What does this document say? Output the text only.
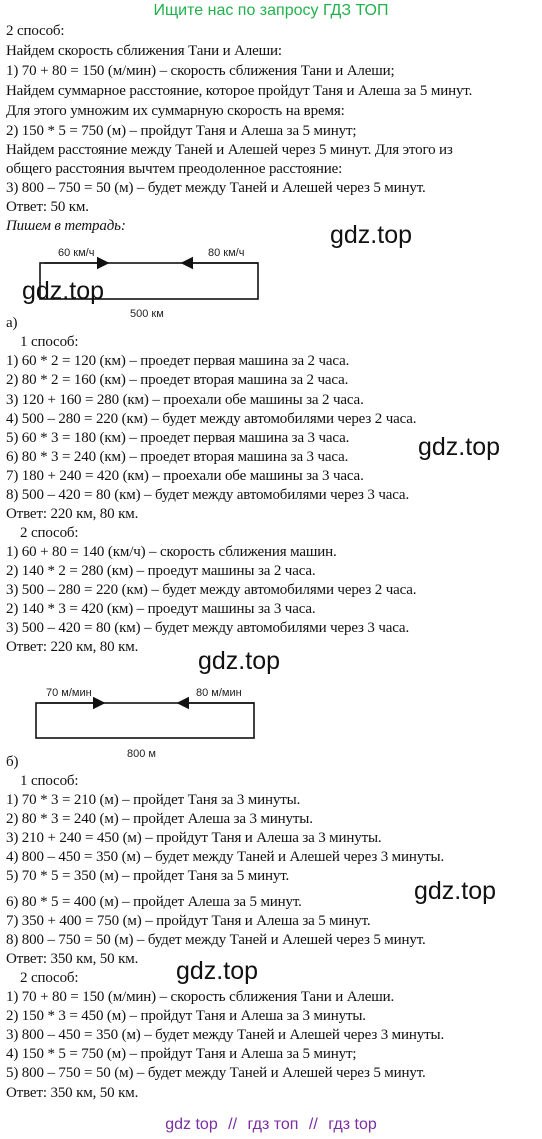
Ищите нас по запросу ГДЗ ТОП
2 способ:
Найдем скорость сближения Тани и Алеши:
1) 70 + 80 = 150 (м/мин) – скорость сближения Тани и Алеши;
Найдем суммарное расстояние, которое пройдут Таня и Алеша за 5 минут.
Для этого умножим их суммарную скорость на время:
2) 150 * 5 = 750 (м) – пройдут Таня и Алеша за 5 минут;
Найдем расстояние между Таней и Алешей через 5 минут. Для этого из
общего расстояния вычтем преодоленное расстояние:
3) 800 – 750 = 50 (м) – будет между Таней и Алешей через 5 минут.
Ответ: 50 км.
Пишем в тетрадь:
60 км/ч	80 км/ч
500 км
а)
1 способ:
1) 60 * 2 = 120 (км) – проедет первая машина за 2 часа.
2) 80 * 2 = 160 (км) – проедет вторая машина за 2 часа.
3) 120 + 160 = 280 (км) – проехали обе машины за 2 часа.
4) 500 – 280 = 220 (км) – будет между автомобилями через 2 часа.
5) 60 * 3 = 180 (км) – проедет первая машина за 3 часа.
6) 80 * 3 = 240 (км) – проедет вторая машина за 3 часа.
7) 180 + 240 = 420 (км) – проехали обе машины за 3 часа.
8) 500 – 420 = 80 (км) – будет между автомобилями через 3 часа.
Ответ: 220 км, 80 км.
2 способ:
1) 60 + 80 = 140 (км/ч) – скорость сближения машин.
2) 140 * 2 = 280 (км) – проедут машины за 2 часа.
3) 500 – 280 = 220 (км) – будет между автомобилями через 2 часа.
2) 140 * 3 = 420 (км) – проедут машины за 3 часа.
3) 500 – 420 = 80 (км) – будет между автомобилями через 3 часа.
Ответ: 220 км, 80 км.
70 м/мин	80 м/мин
800 м
б)
1 способ:
1) 70 * 3 = 210 (м) – пройдет Таня за 3 минуты.
2) 80 * 3 = 240 (м) – пройдет Алеша за 3 минуты.
3) 210 + 240 = 450 (м) – пройдут Таня и Алеша за 3 минуты.
4) 800 – 450 = 350 (м) – будет между Таней и Алешей через 3 минуты.
5) 70 * 5 = 350 (м) – пройдет Таня за 5 минут.
6) 80 * 5 = 400 (м) – пройдет Алеша за 5 минут.
7) 350 + 400 = 750 (м) – пройдут Таня и Алеша за 5 минут.
8) 800 – 750 = 50 (м) – будет между Таней и Алешей через 5 минут.
Ответ: 350 км, 50 км.
2 способ:
1) 70 + 80 = 150 (м/мин) – скорость сближения Тани и Алеши.
2) 150 * 3 = 450 (м) – пройдут Таня и Алеша за 3 минуты.
3) 800 – 450 = 350 (м) – будет между Таней и Алешей через 3 минуты.
4) 150 * 5 = 750 (м) – пройдут Таня и Алеша за 5 минут;
5) 800 – 750 = 50 (м) – будет между Таней и Алешей через 5 минут.
Ответ: 350 км, 50 км.
gdz.top
gdz.top
gdz.top
gdz.top
gdz.top
gdz.top
gdz top // гдз топ // гдз top
